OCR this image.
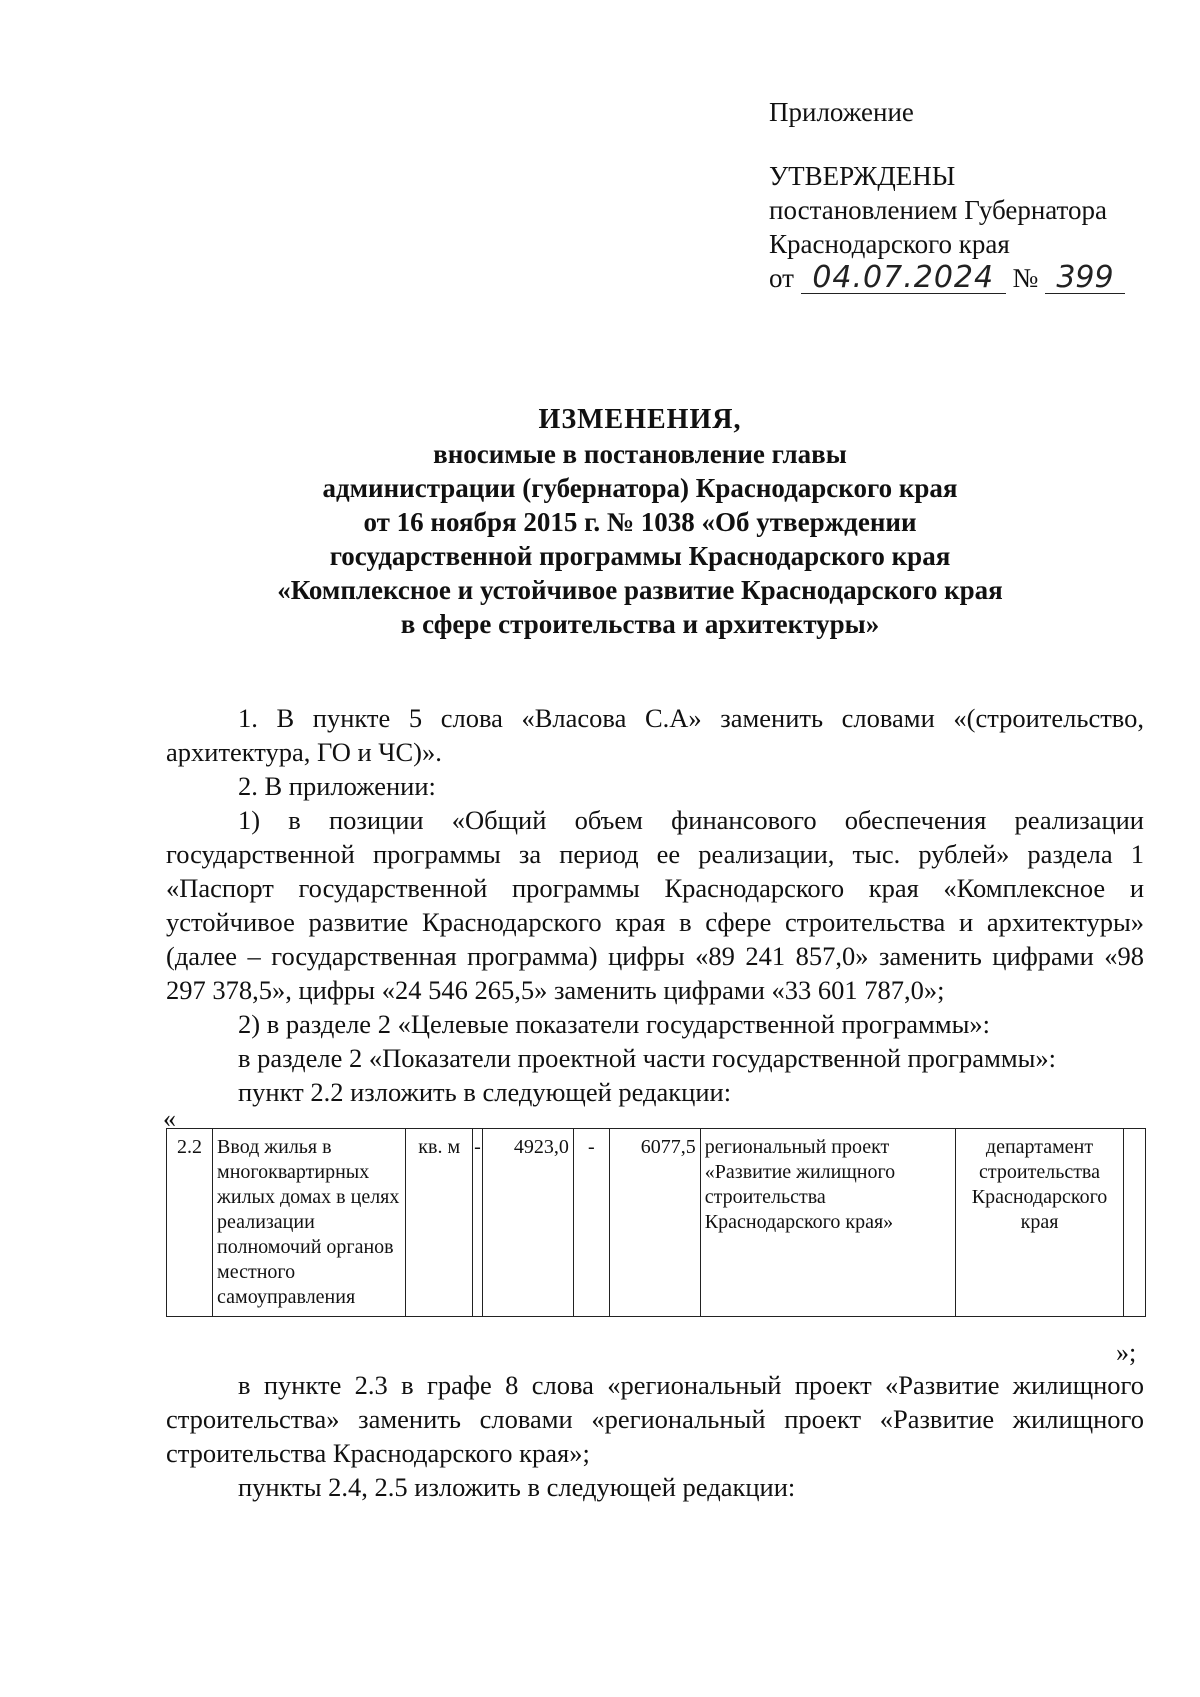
Приложение
УТВЕРЖДЕНЫ
постановлением Губернатора
Краснодарского края
от 04.07.2024 № 399
ИЗМЕНЕНИЯ,
вносимые в постановление главы
администрации (губернатора) Краснодарского края
от 16 ноября 2015 г. № 1038 «Об утверждении
государственной программы Краснодарского края
«Комплексное и устойчивое развитие Краснодарского края
в сфере строительства и архитектуры»
1. В пункте 5 слова «Власова С.А» заменить словами «(строительство, архитектура, ГО и ЧС)».
2. В приложении:
1) в позиции «Общий объем финансового обеспечения реализации государственной программы за период ее реализации, тыс. рублей» раздела 1 «Паспорт государственной программы Краснодарского края «Комплексное и устойчивое развитие Краснодарского края в сфере строительства и архитектуры» (далее – государственная программа) цифры «89 241 857,0» заменить цифрами «98 297 378,5», цифры «24 546 265,5» заменить цифрами «33 601 787,0»;
2) в разделе 2 «Целевые показатели государственной программы»:
в разделе 2 «Показатели проектной части государственной программы»:
пункт 2.2 изложить в следующей редакции:
«
2.2	Ввод жилья в многоквартирных жилых домах в целях реализации полномочий органов местного самоуправления	кв. м	-	4923,0	-	6077,5	региональный проект «Развитие жилищного строительства Краснодарского края»	департамент строительства Краснодарского края	
»;
в пункте 2.3 в графе 8 слова «региональный проект «Развитие жилищного строительства» заменить словами «региональный проект «Развитие жилищного строительства Краснодарского края»;
пункты 2.4, 2.5 изложить в следующей редакции:
